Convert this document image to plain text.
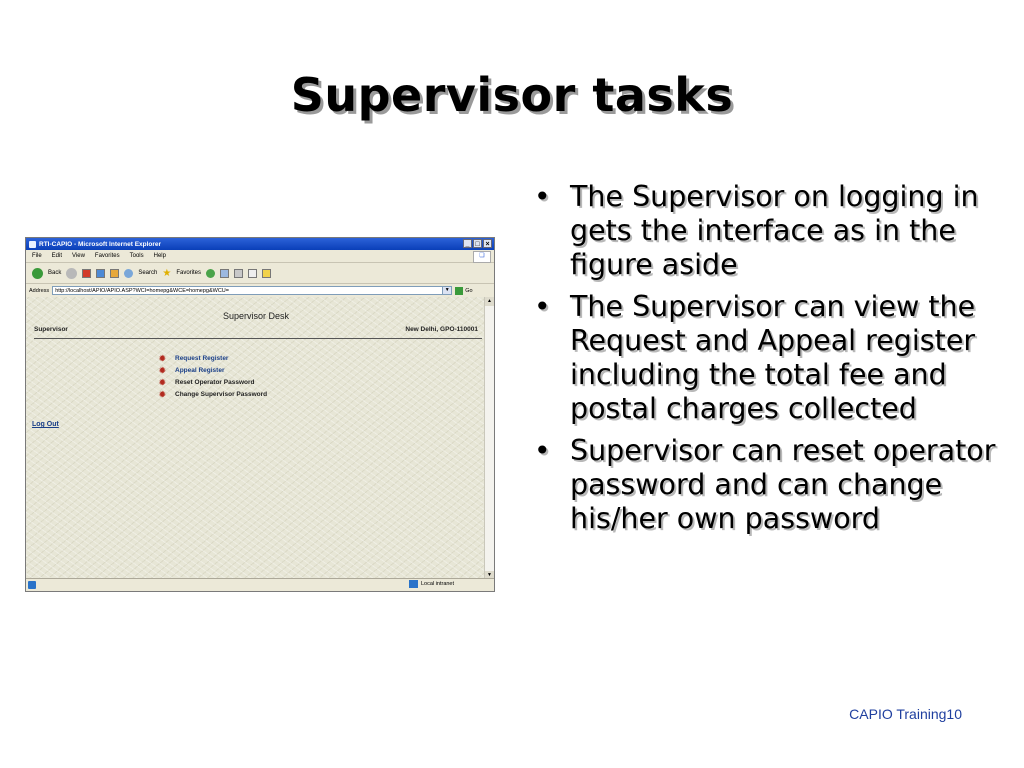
Supervisor tasks
RTI-CAPIO - Microsoft Internet Explorer	_ □ ×
File Edit View Favorites Tools Help	❏
Back	Search ★ Favorites
Address http://localhost/APIO/APIO.ASP?WCI=homepg&WCE=homepg&WCU=	▼	Go
Supervisor Desk
Supervisor	New Delhi, GPO-110001
✹	Request Register
✹	Appeal Register
✹	Reset Operator Password
✹	Change Supervisor Password
Log Out
▲
▼
Local intranet
• The Supervisor on logging in gets the interface as in the figure aside
• The Supervisor can view the Request and Appeal register including the total fee and postal charges collected
• Supervisor can reset operator password and can change his/her own password
CAPIO Training10
